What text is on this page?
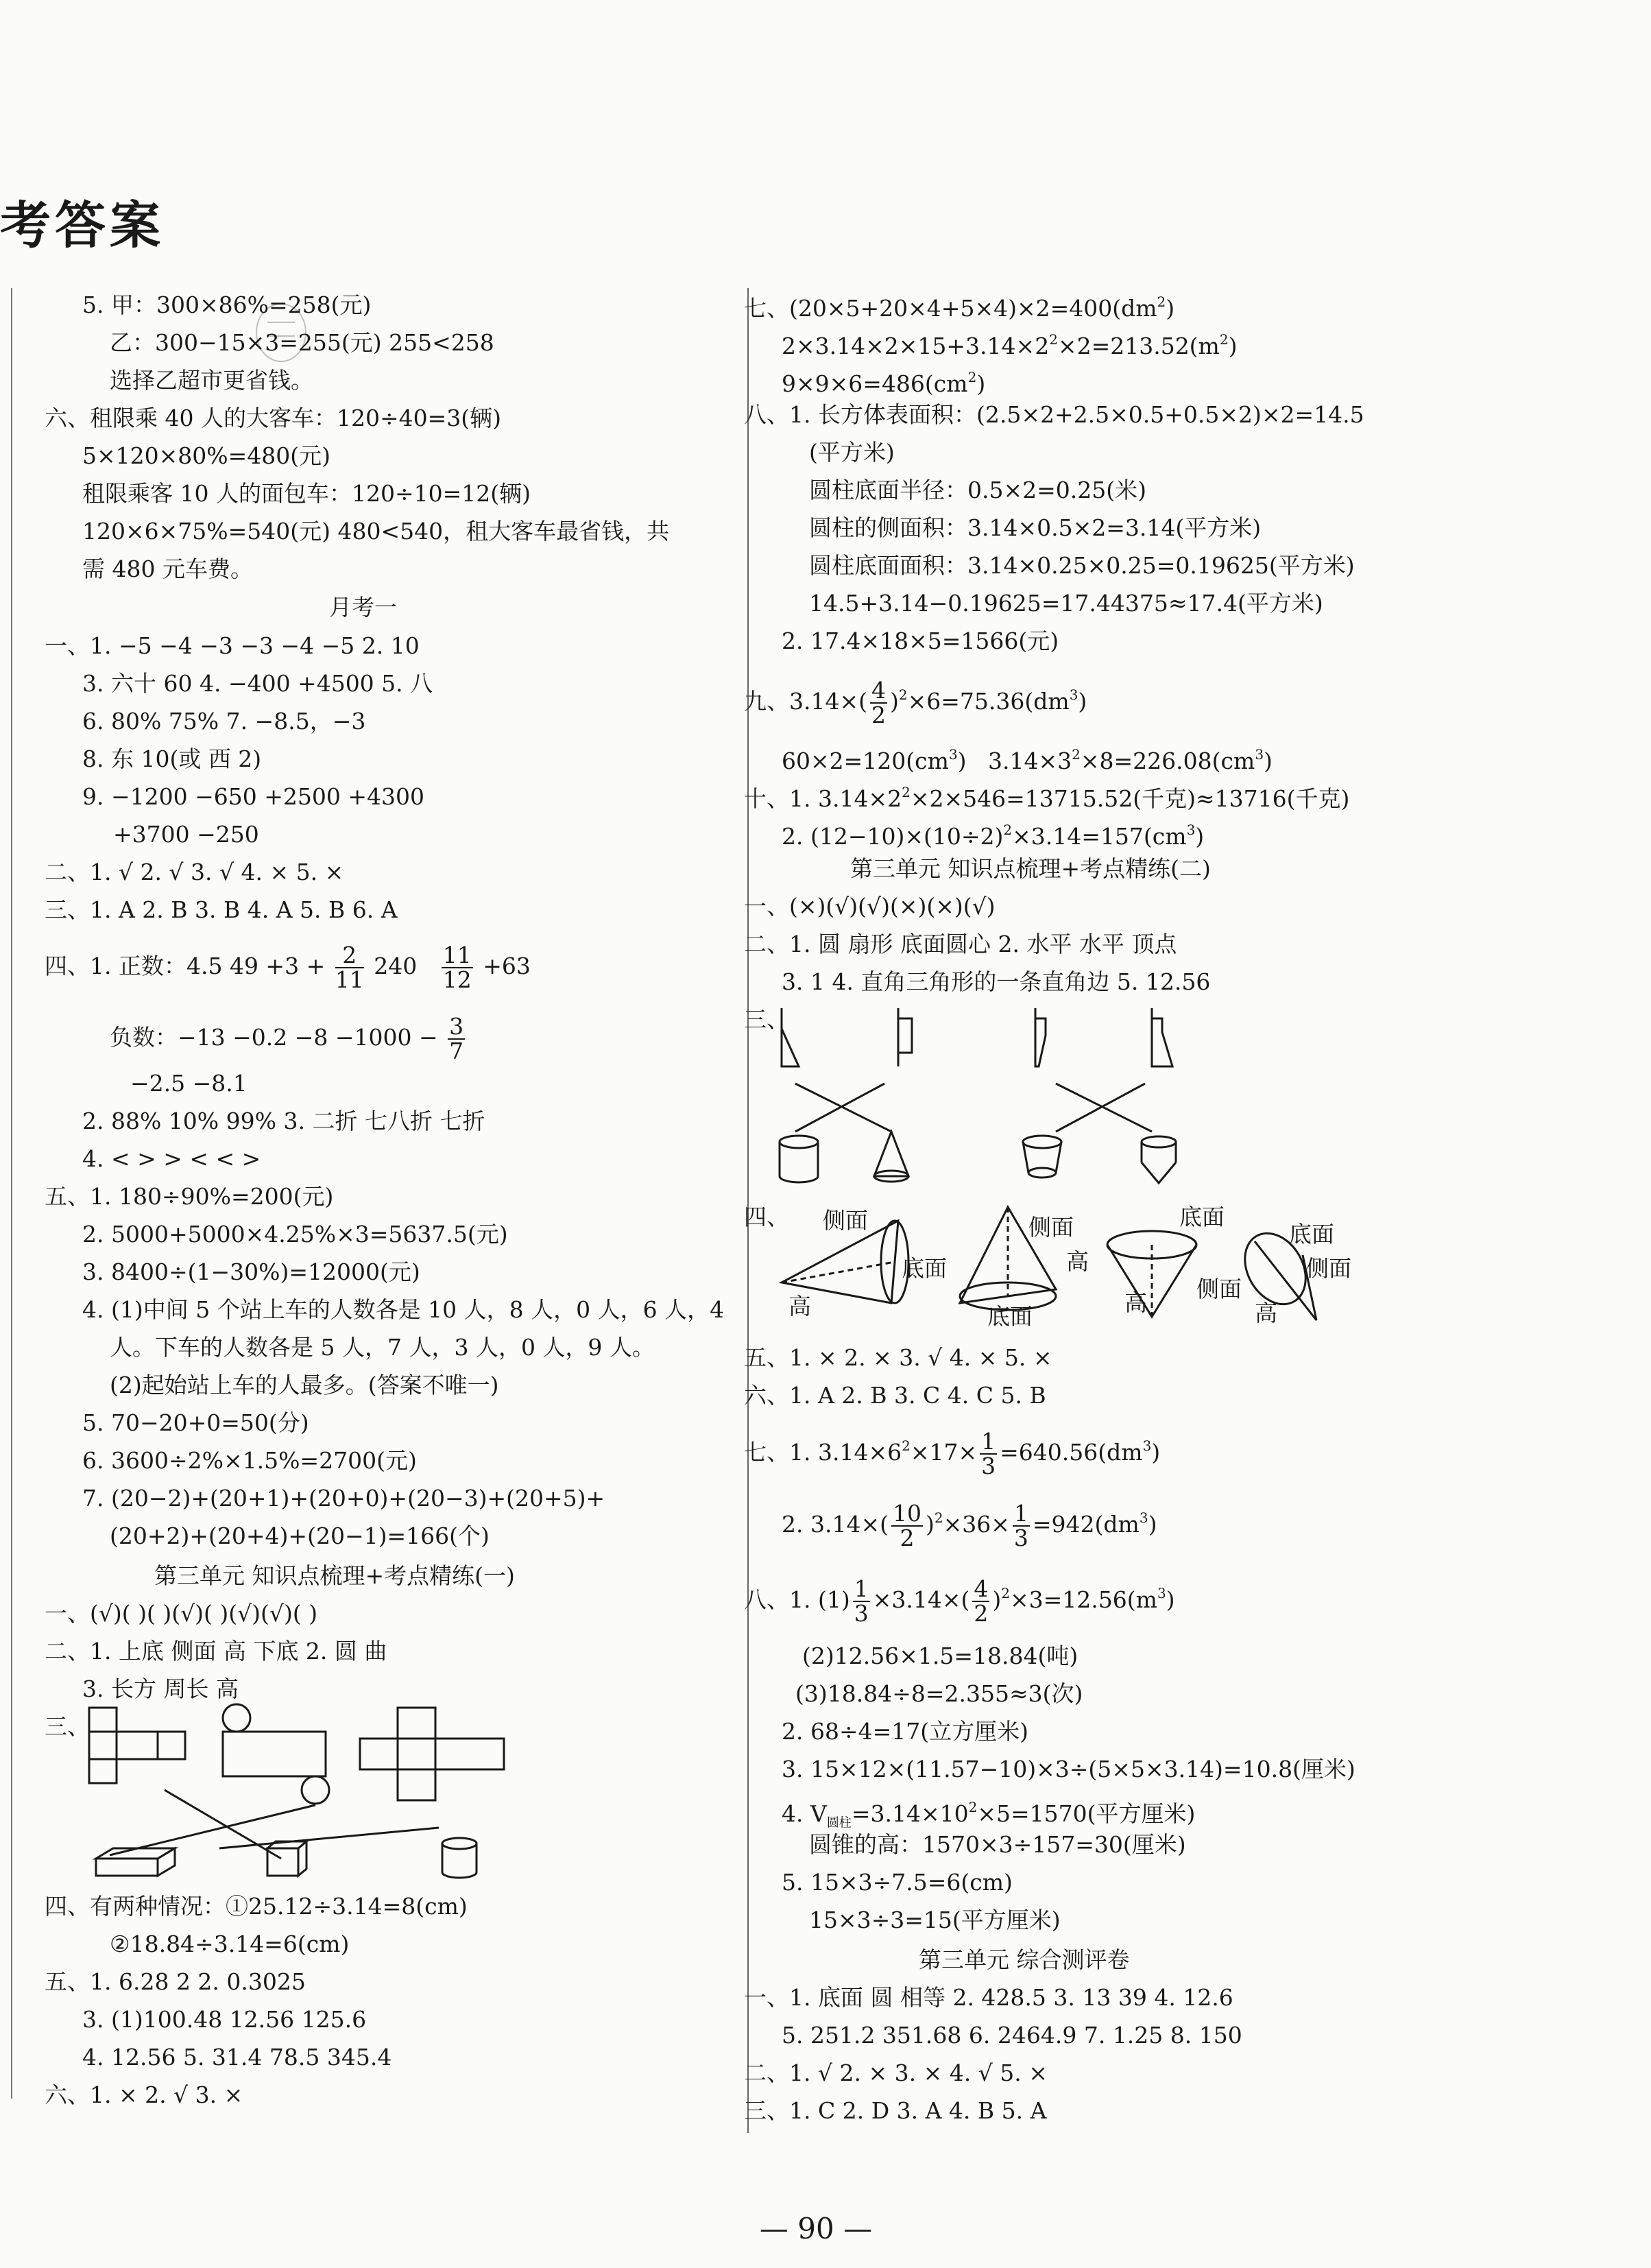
考答案
5. 甲：300×86%=258(元)
乙：300−15×3=255(元) 255<258
选择乙超市更省钱。
六、租限乘 40 人的大客车：120÷40=3(辆)
5×120×80%=480(元)
租限乘客 10 人的面包车：120÷10=12(辆)
120×6×75%=540(元) 480<540，租大客车最省钱，共
需 480 元车费。
月考一
一、1. −5 −4 −3 −3 −4 −5 2. 10
3. 六十 60 4. −400 +4500 5. 八
6. 80% 75% 7. −8.5，−3
8. 东 10(或 西 2)
9. −1200 −650 +2500 +4300
+3700 −250
二、1. √ 2. √ 3. √ 4. × 5. ×
三、1. A 2. B 3. B 4. A 5. B 6. A
四、1. 正数：4.5 $49 +3 + \frac{2}{11} 240 \frac{11}{12} +63$
负数：$-13 -0.2 -8 -1000 - \frac{3}{7}$
−2.5 −8.1
2. 88% 10% 99% 3. 二折 七八折 七折
4. < > > < < >
五、1. 180÷90%=200(元)
2. 5000+5000×4.25%×3=5637.5(元)
3. 8400÷(1−30%)=12000(元)
4. (1)中间 5 个站上车的人数各是 10 人，8 人，0 人，6 人，4
人。下车的人数各是 5 人，7 人，3 人，0 人，9 人。
(2)起始站上车的人最多。(答案不唯一)
5. 70−20+0=50(分)
6. 3600÷2%×1.5%=2700(元)
7. (20−2)+(20+1)+(20+0)+(20−3)+(20+5)+
(20+2)+(20+4)+(20−1)=166(个)
第三单元 知识点梳理+考点精练(一)
一、(√)( )( )(√)( )(√)(√)( )
二、1. 上底 侧面 高 下底 2. 圆 曲
3. 长方 周长 高
三、
四、有两种情况：①25.12÷3.14=8(cm)
②18.84÷3.14=6(cm)
五、1. 6.28 2 2. 0.3025
3. (1)100.48 12.56 125.6
4. 12.56 5. 31.4 78.5 345.4
六、1. × 2. √ 3. ×
七、$(20\times 5+20\times 4+5\times 4)\times 2=400(dm^2)$
$2\times 3.14\times 2\times 15+3.14\times 2^2\times 2=213.52(m^2)$
$9\times 9\times 6=486(cm^2)$
八、1. 长方体表面积：(2.5×2+2.5×0.5+0.5×2)×2=14.5
(平方米)
圆柱底面半径：0.5×2=0.25(米)
圆柱的侧面积：3.14×0.5×2=3.14(平方米)
圆柱底面面积：3.14×0.25×0.25=0.19625(平方米)
14.5+3.14−0.19625=17.44375≈17.4(平方米)
2. 17.4×18×5=1566(元)
九、$3.14\times( \frac{4}{2} )^2\times 6=75.36(dm^3)$
$60\times 2=120(cm^3)$ $3.14\times 3^2\times 8=226.08(cm^3)$
十、1. $3.14\times 2^2\times 2\times 546=13715.52$(千克)≈13716(千克)
2. $(12-10)\times(10\div 2)^2\times 3.14=157(cm^3)$
第三单元 知识点梳理+考点精练(二)
一、(×)(√)(√)(×)(×)(√)
二、1. 圆 扇形 底面圆心 2. 水平 水平 顶点
3. 1 4. 直角三角形的一条直角边 5. 12.56
三、
四、 侧面
底面
高
侧面
高
底面
底面
侧面
高
底面
侧面
高
五、1. × 2. × 3. √ 4. × 5. ×
六、1. A 2. B 3. C 4. C 5. B
七、1. $3.14\times 6^2\times 17\times \frac{1}{3} =640.56(dm^3)$
2. $3.14\times( \frac{10}{2} )^2\times 36\times \frac{1}{3} =942(dm^3)$
八、1. $(1) \frac{1}{3} \times 3.14\times( \frac{4}{2} )^2\times 3=12.56(m^3)$
(2)12.56×1.5=18.84(吨)
(3)18.84÷8=2.355≈3(次)
2. 68÷4=17(立方厘米)
3. 15×12×(11.57−10)×3÷(5×5×3.14)=10.8(厘米)
4. $V_{圆柱}=3.14\times 10^2\times 5=1570$(平方厘米)
圆锥的高：1570×3÷157=30(厘米)
5. 15×3÷7.5=6(cm)
15×3÷3=15(平方厘米)
第三单元 综合测评卷
一、1. 底面 圆 相等 2. 428.5 3. 13 39 4. 12.6
5. 251.2 351.68 6. 2464.9 7. 1.25 8. 150
二、1. √ 2. × 3. × 4. √ 5. ×
三、1. C 2. D 3. A 4. B 5. A
— 90 —
